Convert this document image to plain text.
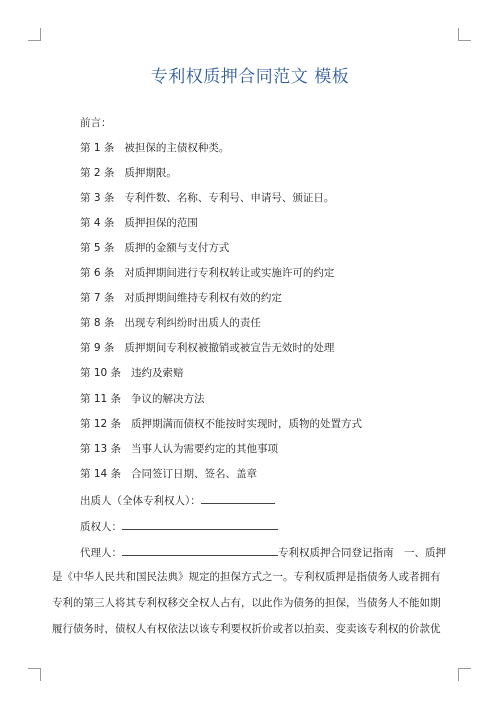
专利权质押合同范文 模板
前言：
第 1 条 被担保的主债权种类。
第 2 条 质押期限。
第 3 条 专利件数、名称、专利号、申请号、颁证日。
第 4 条 质押担保的范围
第 5 条 质押的金额与支付方式
第 6 条 对质押期间进行专利权转让或实施许可的约定
第 7 条 对质押期间维持专利权有效的约定
第 8 条 出现专利纠纷时出质人的责任
第 9 条 质押期间专利权被撤销或被宣告无效时的处理
第 10 条 违约及索赔
第 11 条 争议的解决方法
第 12 条 质押期满而债权不能按时实现时，质物的处置方式
第 13 条 当事人认为需要约定的其他事项
第 14 条 合同签订日期、签名、盖章
出质人（全体专利权人）：
质权人：
代理人：	专利权质押合同登记指南　一、质押
是《中华人民共和国民法典》规定的担保方式之一。专利权质押是指债务人或者拥有
专利的第三人将其专利权移交全权人占有，以此作为债务的担保，当债务人不能如期
履行债务时，债权人有权依法以该专利要权折价或者以拍卖、变卖该专利权的价款优
